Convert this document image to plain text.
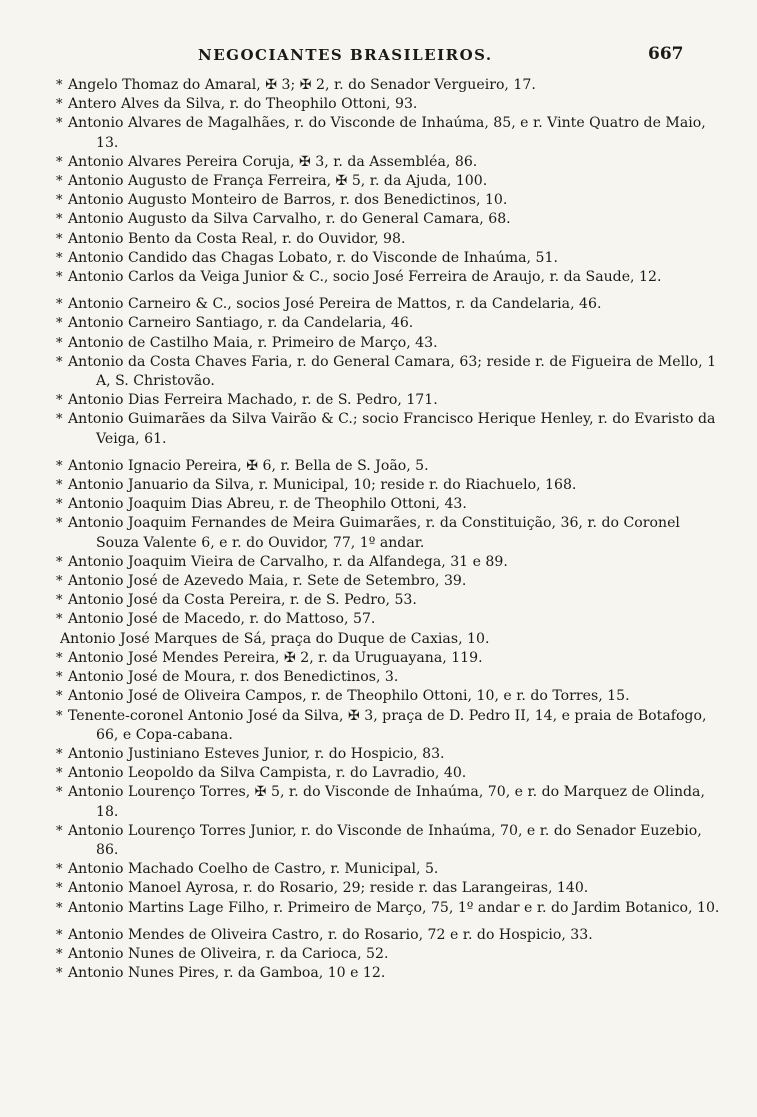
NEGOCIANTES BRASILEIROS.	667
* Angelo Thomaz do Amaral, ✠ 3; ✠ 2, r. do Senador Vergueiro, 17.
* Antero Alves da Silva, r. do Theophilo Ottoni, 93.
* Antonio Alvares de Magalhães, r. do Visconde de Inhaúma, 85, e r. Vinte Quatro de Maio, 13.
* Antonio Alvares Pereira Coruja, ✠ 3, r. da Assembléa, 86.
* Antonio Augusto de França Ferreira, ✠ 5, r. da Ajuda, 100.
* Antonio Augusto Monteiro de Barros, r. dos Benedictinos, 10.
* Antonio Augusto da Silva Carvalho, r. do General Camara, 68.
* Antonio Bento da Costa Real, r. do Ouvidor, 98.
* Antonio Candido das Chagas Lobato, r. do Visconde de Inhaúma, 51.
* Antonio Carlos da Veiga Junior & C., socio José Ferreira de Araujo, r. da Saude, 12.
* Antonio Carneiro & C., socios José Pereira de Mattos, r. da Candelaria, 46.
* Antonio Carneiro Santiago, r. da Candelaria, 46.
* Antonio de Castilho Maia, r. Primeiro de Março, 43.
* Antonio da Costa Chaves Faria, r. do General Camara, 63; reside r. de Figueira de Mello, 1 A, S. Christovão.
* Antonio Dias Ferreira Machado, r. de S. Pedro, 171.
* Antonio Guimarães da Silva Vairão & C.; socio Francisco Herique Henley, r. do Evaristo da Veiga, 61.
* Antonio Ignacio Pereira, ✠ 6, r. Bella de S. João, 5.
* Antonio Januario da Silva, r. Municipal, 10; reside r. do Riachuelo, 168.
* Antonio Joaquim Dias Abreu, r. de Theophilo Ottoni, 43.
* Antonio Joaquim Fernandes de Meira Guimarães, r. da Constituição, 36, r. do Coronel Souza Valente 6, e r. do Ouvidor, 77, 1º andar.
* Antonio Joaquim Vieira de Carvalho, r. da Alfandega, 31 e 89.
* Antonio José de Azevedo Maia, r. Sete de Setembro, 39.
* Antonio José da Costa Pereira, r. de S. Pedro, 53.
* Antonio José de Macedo, r. do Mattoso, 57.
Antonio José Marques de Sá, praça do Duque de Caxias, 10.
* Antonio José Mendes Pereira, ✠ 2, r. da Uruguayana, 119.
* Antonio José de Moura, r. dos Benedictinos, 3.
* Antonio José de Oliveira Campos, r. de Theophilo Ottoni, 10, e r. do Torres, 15.
* Tenente-coronel Antonio José da Silva, ✠ 3, praça de D. Pedro II, 14, e praia de Botafogo, 66, e Copa-cabana.
* Antonio Justiniano Esteves Junior, r. do Hospicio, 83.
* Antonio Leopoldo da Silva Campista, r. do Lavradio, 40.
* Antonio Lourenço Torres, ✠ 5, r. do Visconde de Inhaúma, 70, e r. do Marquez de Olinda, 18.
* Antonio Lourenço Torres Junior, r. do Visconde de Inhaúma, 70, e r. do Senador Euzebio, 86.
* Antonio Machado Coelho de Castro, r. Municipal, 5.
* Antonio Manoel Ayrosa, r. do Rosario, 29; reside r. das Larangeiras, 140.
* Antonio Martins Lage Filho, r. Primeiro de Março, 75, 1º andar e r. do Jardim Botanico, 10.
* Antonio Mendes de Oliveira Castro, r. do Rosario, 72 e r. do Hospicio, 33.
* Antonio Nunes de Oliveira, r. da Carioca, 52.
* Antonio Nunes Pires, r. da Gamboa, 10 e 12.
